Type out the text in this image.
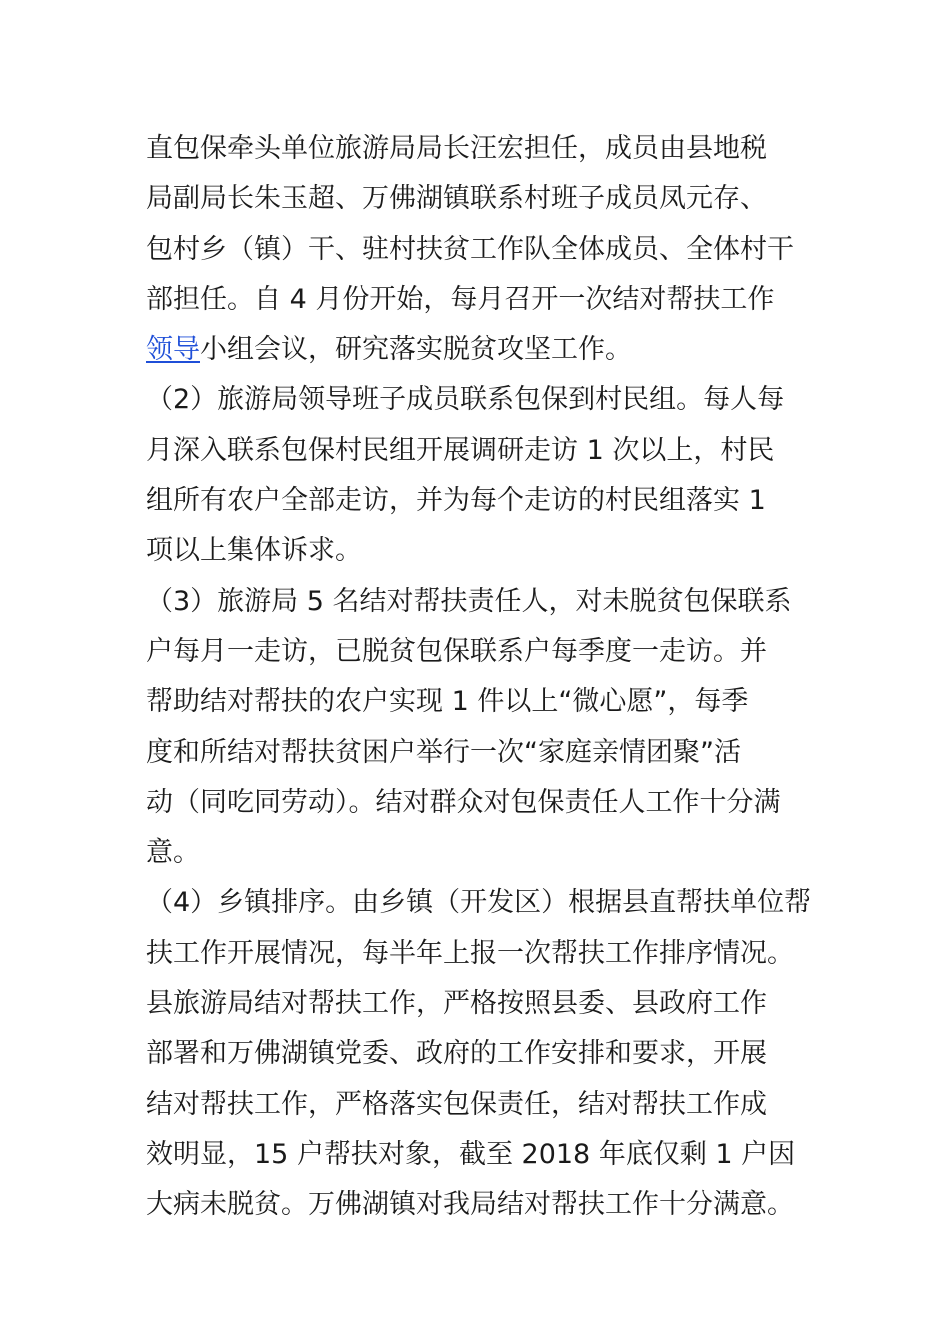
直包保牵头单位旅游局局长汪宏担任，成员由县地税
局副局长朱玉超、万佛湖镇联系村班子成员凤元存、
包村乡（镇）干、驻村扶贫工作队全体成员、全体村干
部担任。自 4 月份开始，每月召开一次结对帮扶工作
领导小组会议，研究落实脱贫攻坚工作。
（2）旅游局领导班子成员联系包保到村民组。每人每
月深入联系包保村民组开展调研走访 1 次以上，村民
组所有农户全部走访，并为每个走访的村民组落实 1
项以上集体诉求。
（3）旅游局 5 名结对帮扶责任人，对未脱贫包保联系
户每月一走访，已脱贫包保联系户每季度一走访。并
帮助结对帮扶的农户实现 1 件以上“微心愿”，每季
度和所结对帮扶贫困户举行一次“家庭亲情团聚”活
动（同吃同劳动）。结对群众对包保责任人工作十分满
意。
（4）乡镇排序。由乡镇（开发区）根据县直帮扶单位帮
扶工作开展情况，每半年上报一次帮扶工作排序情况。
县旅游局结对帮扶工作，严格按照县委、县政府工作
部署和万佛湖镇党委、政府的工作安排和要求，开展
结对帮扶工作，严格落实包保责任，结对帮扶工作成
效明显，15 户帮扶对象，截至 2018 年底仅剩 1 户因
大病未脱贫。万佛湖镇对我局结对帮扶工作十分满意。
